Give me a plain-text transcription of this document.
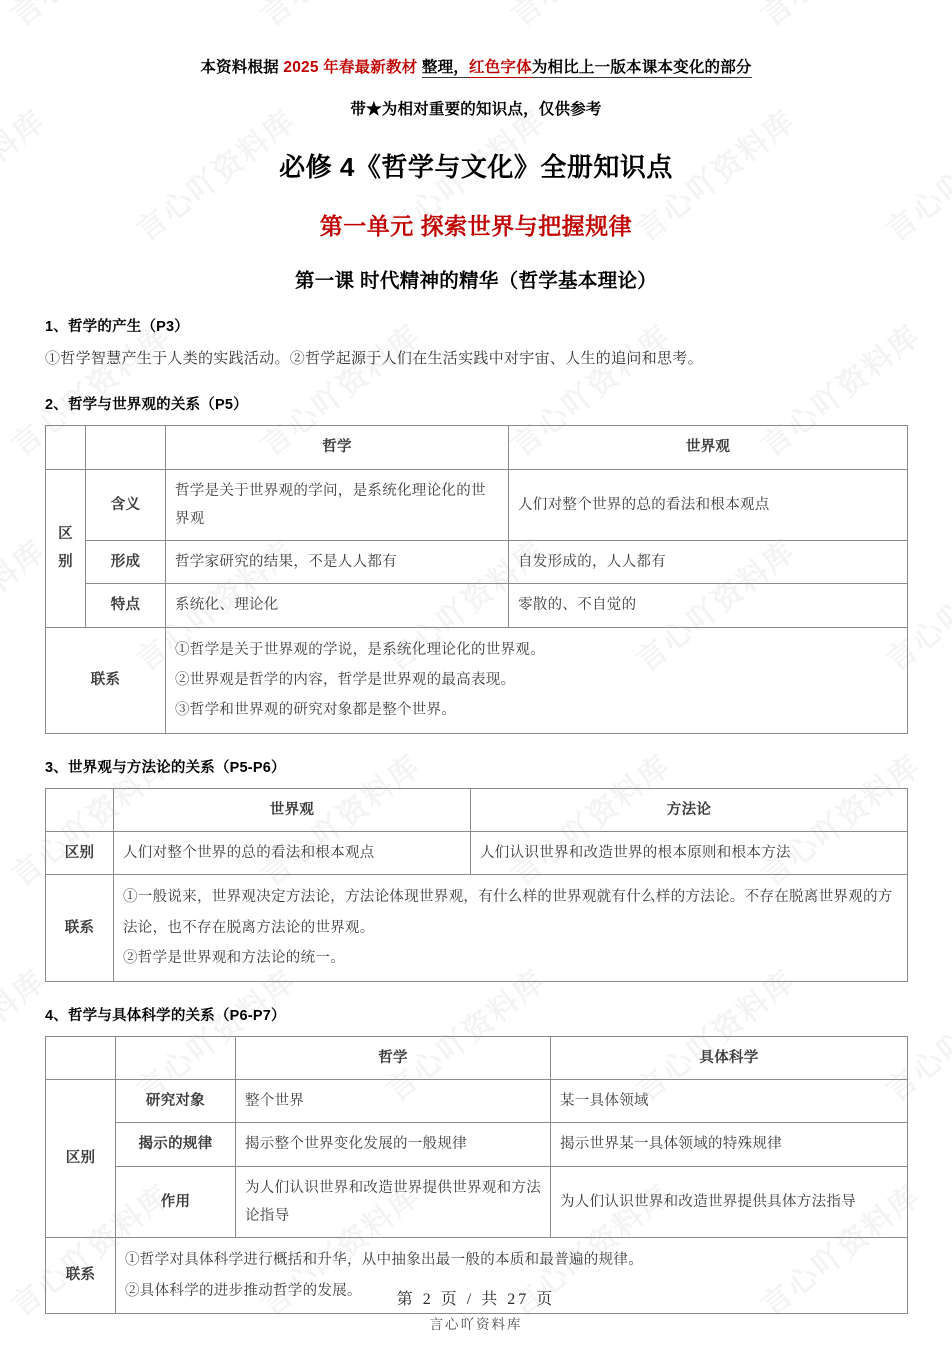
本资料根据 2025 年春最新教材 整理，红色字体为相比上一版本课本变化的部分
带★为相对重要的知识点，仅供参考
必修 4《哲学与文化》全册知识点
第一单元 探索世界与把握规律
第一课 时代精神的精华（哲学基本理论）
1、哲学的产生（P3）

①哲学智慧产生于人类的实践活动。②哲学起源于人们在生活实践中对宇宙、人生的追问和思考。

2、哲学与世界观的关系（P5）
		哲学	世界观
区
别	含义	哲学是关于世界观的学问，是系统化理论化的世界观	人们对整个世界的总的看法和根本观点
	形成	哲学家研究的结果，不是人人都有	自发形成的，人人都有
	特点	系统化、理论化	零散的、不自觉的
联系	
①哲学是关于世界观的学说，是系统化理论化的世界观。
②世界观是哲学的内容，哲学是世界观的最高表现。
③哲学和世界观的研究对象都是整个世界。
3、世界观与方法论的关系（P5-P6）
	世界观	方法论
区别	人们对整个世界的总的看法和根本观点	人们认识世界和改造世界的根本原则和根本方法
联系	
①一般说来，世界观决定方法论，方法论体现世界观，有什么样的世界观就有什么样的方法论。不存在脱离世界观的方法论，也不存在脱离方法论的世界观。
②哲学是世界观和方法论的统一。
4、哲学与具体科学的关系（P6-P7）
		哲学	具体科学
区别	研究对象	整个世界	某一具体领域
	揭示的规律	揭示整个世界变化发展的一般规律	揭示世界某一具体领域的特殊规律
	作用	为人们认识世界和改造世界提供世界观和方法论指导	为人们认识世界和改造世界提供具体方法指导
联系	
①哲学对具体科学进行概括和升华，从中抽象出最一般的本质和最普遍的规律。
②具体科学的进步推动哲学的发展。
第 2 页 / 共 27 页
言心吖资料库
